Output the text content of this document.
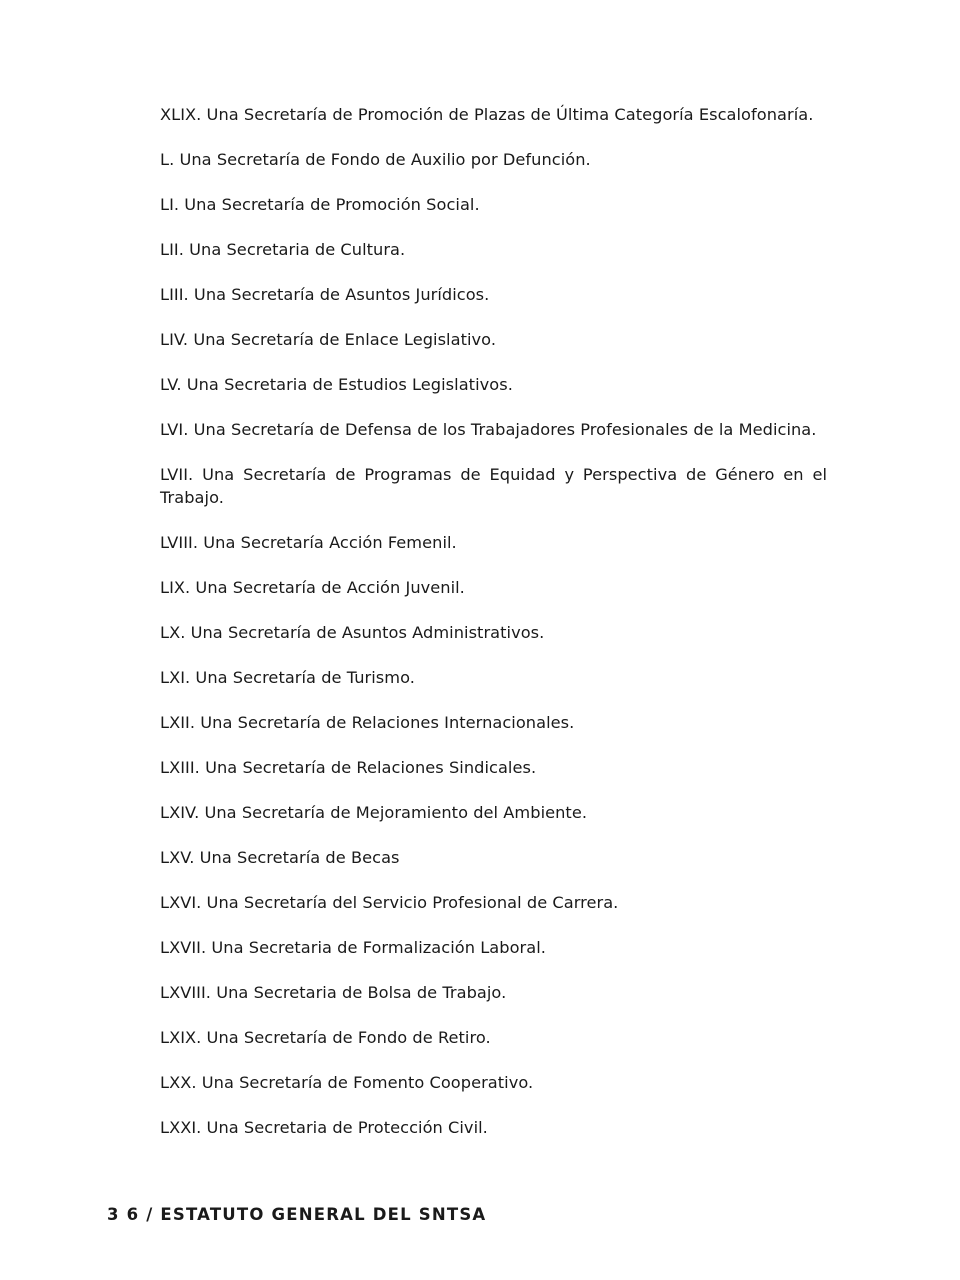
XLIX. Una Secretaría de Promoción de Plazas de Última Categoría Escalofonaría.

L. Una Secretaría de Fondo de Auxilio por Defunción.

LI. Una Secretaría de Promoción Social.

LII. Una Secretaria de Cultura.

LIII. Una Secretaría de Asuntos Jurídicos.

LIV. Una Secretaría de Enlace Legislativo.

LV. Una Secretaria de Estudios Legislativos.

LVI. Una Secretaría de Defensa de los Trabajadores Profesionales de la Medicina.

LVII. Una Secretaría de Programas de Equidad y Perspectiva de Género en el Trabajo.

LVIII. Una Secretaría Acción Femenil.

LIX. Una Secretaría de Acción Juvenil.

LX. Una Secretaría de Asuntos Administrativos.

LXI. Una Secretaría de Turismo.

LXII. Una Secretaría de Relaciones Internacionales.

LXIII. Una Secretaría de Relaciones Sindicales.

LXIV. Una Secretaría de Mejoramiento del Ambiente.

LXV. Una Secretaría de Becas

LXVI. Una Secretaría del Servicio Profesional de Carrera.

LXVII. Una Secretaria de Formalización Laboral.

LXVIII. Una Secretaria de Bolsa de Trabajo.

LXIX. Una Secretaría de Fondo de Retiro.

LXX. Una Secretaría de Fomento Cooperativo.

LXXI. Una Secretaria de Protección Civil.

3 6 / ESTATUTO GENERAL DEL SNTSA
